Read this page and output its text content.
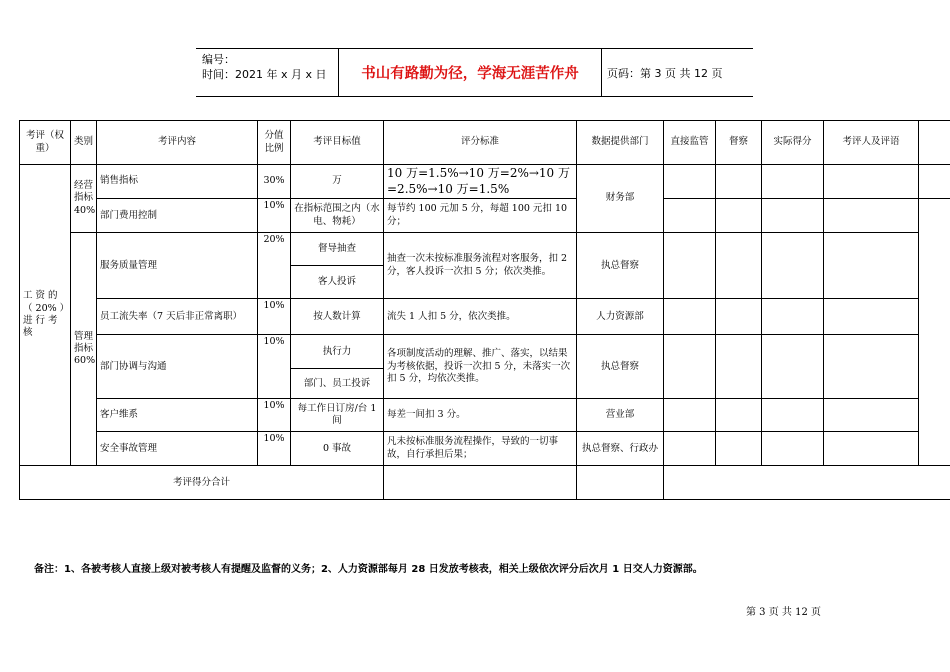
编号：
时间：2021 年 x 月 x 日	书山有路勤为径，学海无涯苦作舟	页码：第 3 页 共 12 页
考评（权重）	类别	考评内容	分值比例	考评目标值	评分标准	数据提供部门	直接监管	督察	实际得分	考评人及评语	
工 资 的（ 20% ）进 行 考核	经营指标40%	销售指标	30%	万	10 万=1.5%→10 万=2%→10 万=2.5%→10 万=1.5%	财务部					
		部门费用控制	10%	在指标范围之内（水电、物耗）	每节约 100 元加 5 分，每超 100 元扣 10 分；						
	管理指标60%	服务质量管理	20%	督导抽查	抽查一次未按标准服务流程对客服务，扣 2 分，客人投诉一次扣 5 分；依次类推。	执总督察					
				客人投诉							
		员工流失率（7 天后非正常离职）	10%	按人数计算	流失 1 人扣 5 分，依次类推。	人力资源部					
		部门协调与沟通	10%	执行力	各项制度活动的理解、推广、落实，以结果为考核依据，投诉一次扣 5 分，未落实一次扣 5 分，均依次类推。	执总督察					
				部门、员工投诉							
		客户维系	10%	每工作日订房/台 1 间	每差一间扣 3 分。	营业部					
		安全事故管理	10%	0 事故	凡未按标准服务流程操作，导致的一切事故，自行承担后果；	执总督察、行政办					
考评得分合计											
备注：1、各被考核人直接上级对被考核人有提醒及监督的义务；2、人力资源部每月 28 日发放考核表，相关上级依次评分后次月 1 日交人力资源部。
第 3 页 共 12 页
